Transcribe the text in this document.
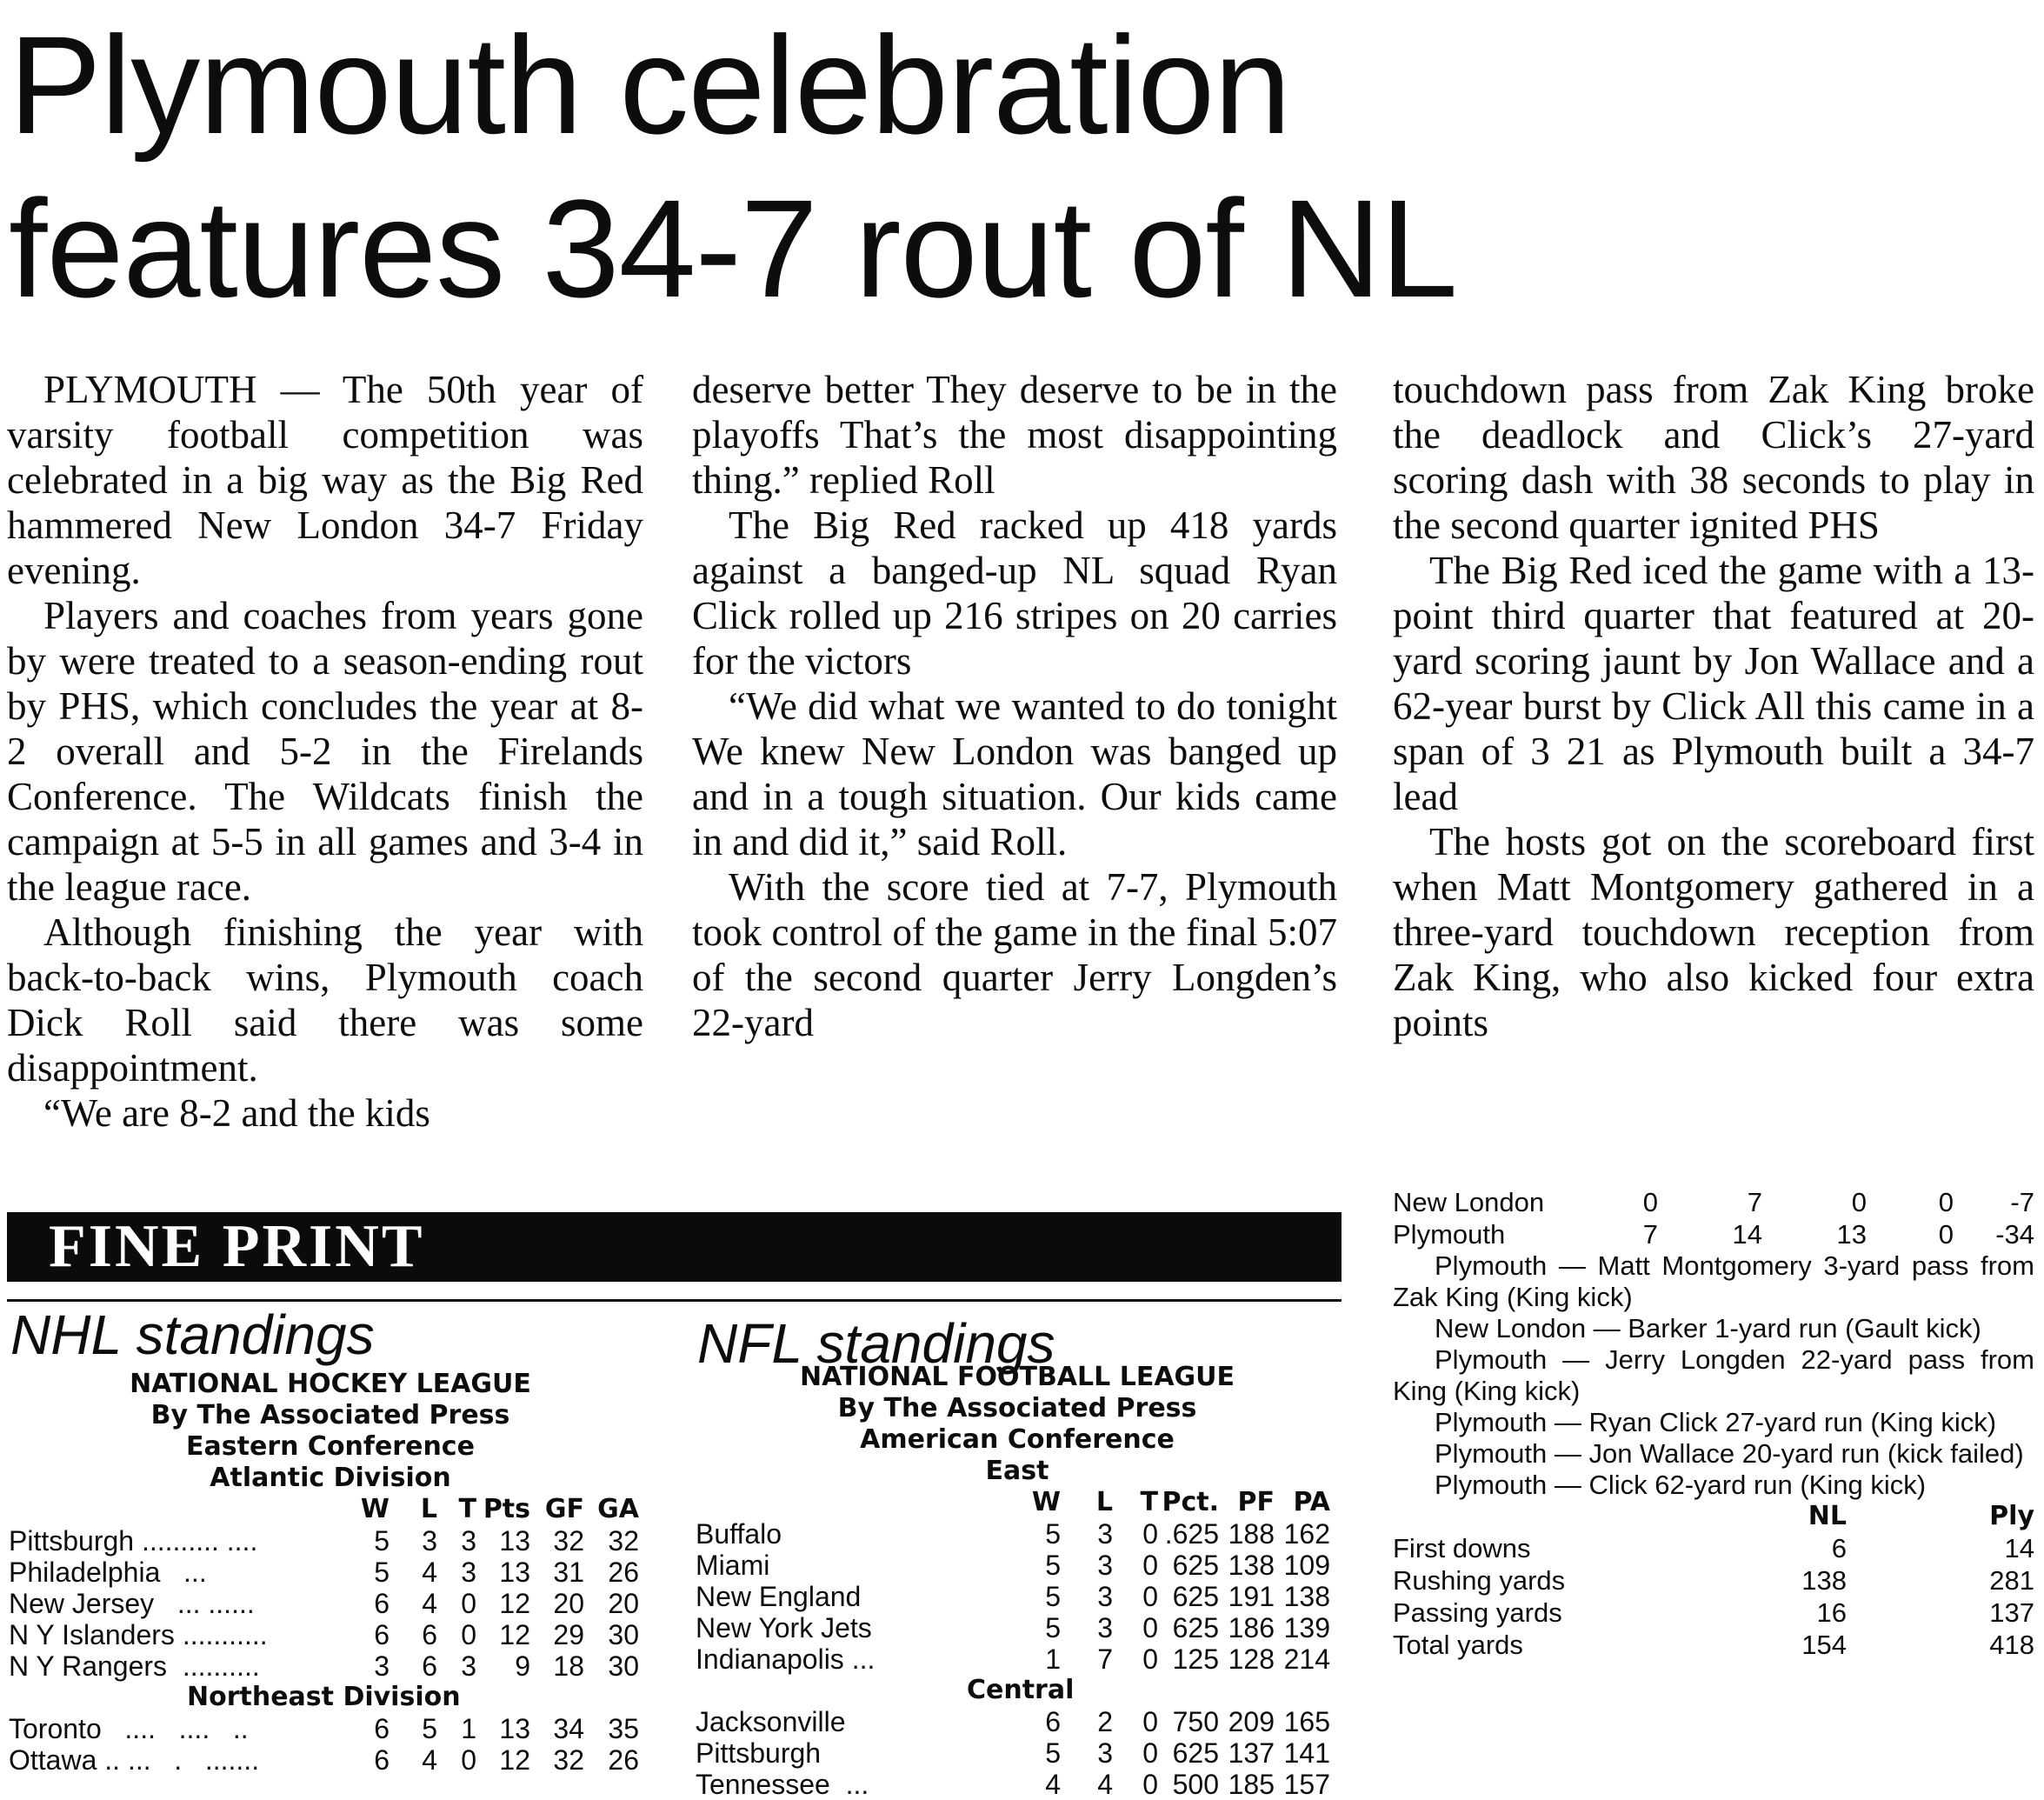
Plymouth celebration
features 34-7 rout of NL

PLYMOUTH — The 50th year of varsity football competition was celebrated in a big way as the Big Red hammered New London 34-7 Friday evening.

Players and coaches from years gone by were treated to a season-ending rout by PHS, which concludes the year at 8-2 overall and 5-2 in the Firelands Conference. The Wildcats finish the campaign at 5-5 in all games and 3-4 in the league race.

Although finishing the year with back-to-back wins, Plymouth coach Dick Roll said there was some disappointment.

“We are 8-2 and the kids

deserve better They deserve to be in the playoffs That’s the most disappointing thing.” replied Roll

The Big Red racked up 418 yards against a banged-up NL squad Ryan Click rolled up 216 stripes on 20 carries for the victors

“We did what we wanted to do tonight We knew New London was banged up and in a tough situation. Our kids came in and did it,” said Roll.

With the score tied at 7-7, Plymouth took control of the game in the final 5:07 of the second quarter Jerry Longden’s 22-yard

touchdown pass from Zak King broke the deadlock and Click’s 27-yard scoring dash with 38 seconds to play in the second quarter ignited PHS

The Big Red iced the game with a 13-point third quarter that featured at 20-yard scoring jaunt by Jon Wallace and a 62-year burst by Click All this came in a span of 3 21 as Plymouth built a 34-7 lead

The hosts got on the scoreboard first when Matt Montgomery gathered in a three-yard touchdown reception from Zak King, who also kicked four extra points

FINE PRINT
NHL standings
NATIONAL HOCKEY LEAGUE
By The Associated Press
Eastern Conference
Atlantic Division
	W	L	T	Pts	GF	GA
Pittsburgh .......... ....	5	3	3	13	32	32
Philadelphia   ...	5	4	3	13	31	26
New Jersey   ... ......	6	4	0	12	20	20
N Y Islanders ...........	6	6	0	12	29	30
N Y Rangers  ..........	3	6	3	9	18	30
Northeast Division						
Toronto   ....   ....   ..	6	5	1	13	34	35
Ottawa .. ...   .   .......	6	4	0	12	32	26
NFL standings
NATIONAL FOOTBALL LEAGUE
By The Associated Press
American Conference
East
	W	L	T	Pct.	PF	PA
Buffalo	5	3	0	.625	188	162
Miami	5	3	0	625	138	109
New England	5	3	0	625	191	138
New York Jets	5	3	0	625	186	139
Indianapolis ...	1	7	0	125	128	214
Central						
Jacksonville	6	2	0	750	209	165
Pittsburgh	5	3	0	625	137	141
Tennessee  ...	4	4	0	500	185	157
New London	0	7	0	0	-7
Plymouth	7	14	13	0	-34

Plymouth — Matt Montgomery 3-yard pass from Zak King (King kick)

New London — Barker 1-yard run (Gault kick)

Plymouth — Jerry Longden 22-yard pass from King (King kick)

Plymouth — Ryan Click 27-yard run (King kick)

Plymouth — Jon Wallace 20-yard run (kick failed)

Plymouth — Click 62-yard run (King kick)

	NL	Ply
First downs	6	14
Rushing yards	138	281
Passing yards	16	137
Total yards	154	418
